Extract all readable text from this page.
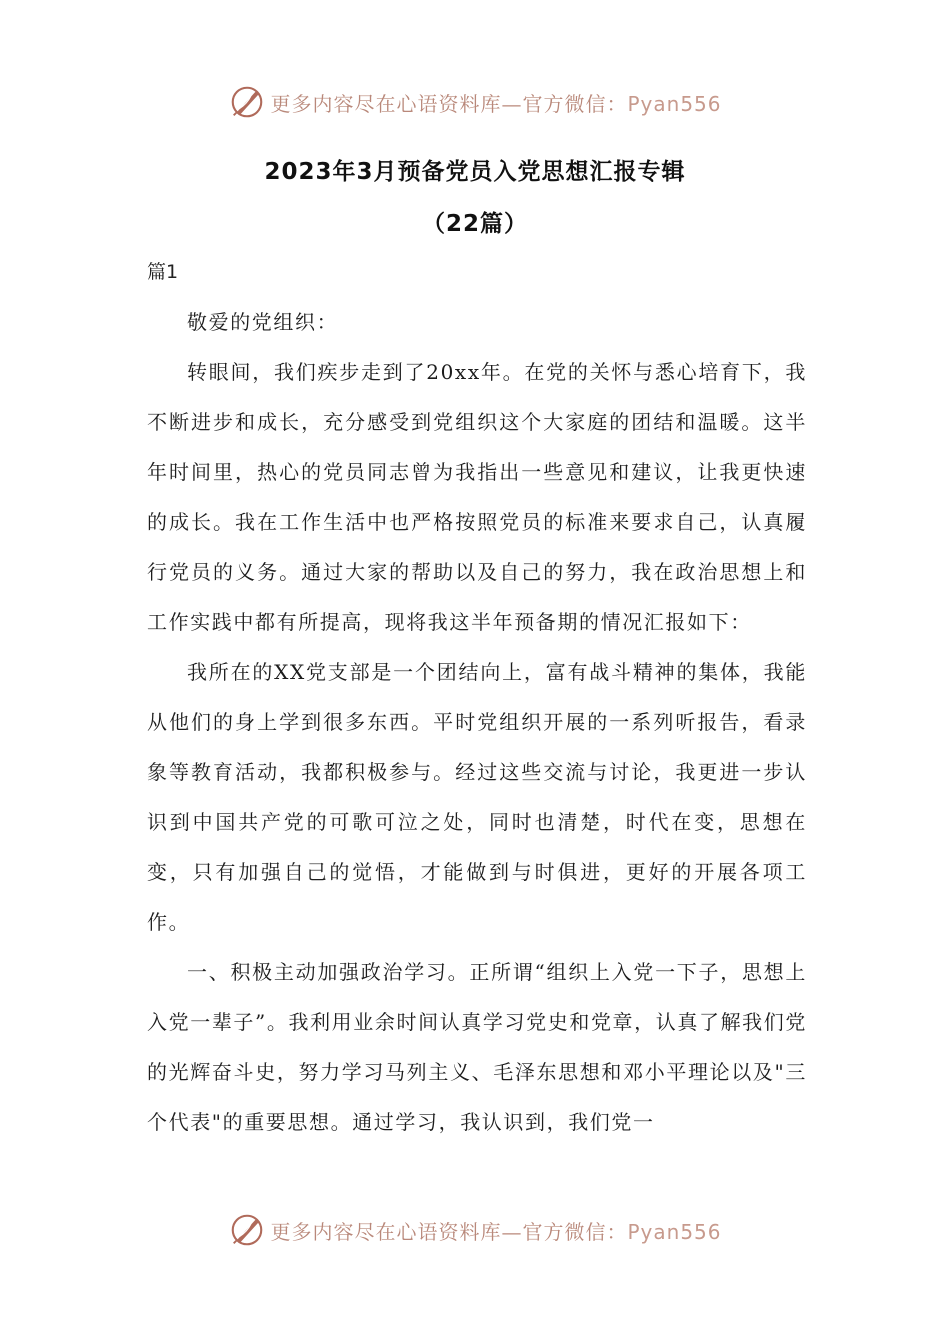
更多内容尽在心语资料库—官方微信：Pyan556
2023年3月预备党员入党思想汇报专辑
（22篇）
篇1

敬爱的党组织：

转眼间，我们疾步走到了20xx年。在党的关怀与悉心培育下，我不断进步和成长，充分感受到党组织这个大家庭的团结和温暖。这半年时间里，热心的党员同志曾为我指出一些意见和建议，让我更快速的成长。我在工作生活中也严格按照党员的标准来要求自己，认真履行党员的义务。通过大家的帮助以及自己的努力，我在政治思想上和工作实践中都有所提高，现将我这半年预备期的情况汇报如下：

我所在的XX党支部是一个团结向上，富有战斗精神的集体，我能从他们的身上学到很多东西。平时党组织开展的一系列听报告，看录象等教育活动，我都积极参与。经过这些交流与讨论，我更进一步认识到中国共产党的可歌可泣之处，同时也清楚，时代在变，思想在变，只有加强自己的觉悟，才能做到与时俱进，更好的开展各项工作。

一、积极主动加强政治学习。正所谓“组织上入党一下子，思想上入党一辈子”。我利用业余时间认真学习党史和党章，认真了解我们党的光辉奋斗史，努力学习马列主义、毛泽东思想和邓小平理论以及"三个代表"的重要思想。通过学习，我认识到，我们党一

更多内容尽在心语资料库—官方微信：Pyan556
